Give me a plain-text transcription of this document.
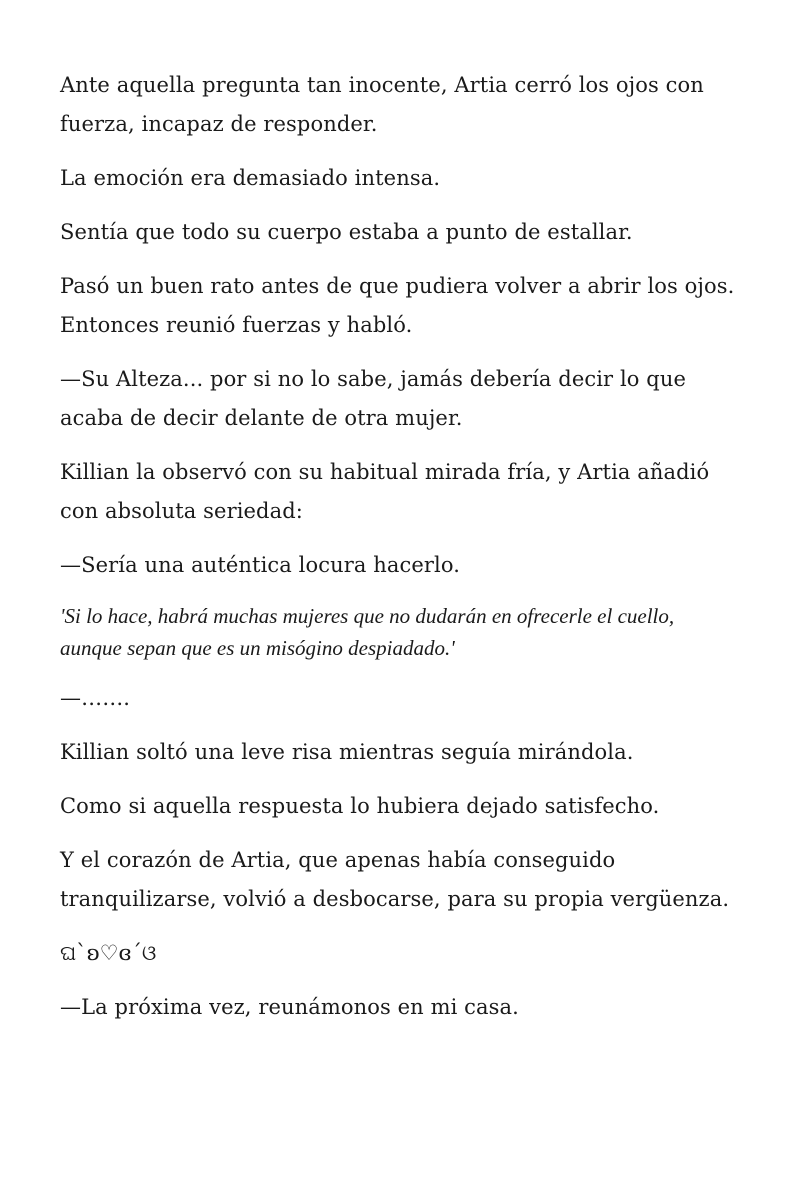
Ante aquella pregunta tan inocente, Artia cerró los ojos con fuerza, incapaz de responder.

La emoción era demasiado intensa.

Sentía que todo su cuerpo estaba a punto de estallar.

Pasó un buen rato antes de que pudiera volver a abrir los ojos. Entonces reunió fuerzas y habló.

—Su Alteza... por si no lo sabe, jamás debería decir lo que acaba de decir delante de otra mujer.

Killian la observó con su habitual mirada fría, y Artia añadió con absoluta seriedad:

—Sería una auténtica locura hacerlo.

'Si lo hace, habrá muchas mujeres que no dudarán en ofrecerle el cuello, aunque sepan que es un misógino despiadado.'

—…….

Killian soltó una leve risa mientras seguía mirándola.

Como si aquella respuesta lo hubiera dejado satisfecho.

Y el corazón de Artia, que apenas había conseguido tranquilizarse, volvió a desbocarse, para su propia vergüenza.

ଘ`ʚ♡ɞ´ଓ

—La próxima vez, reunámonos en mi casa.
